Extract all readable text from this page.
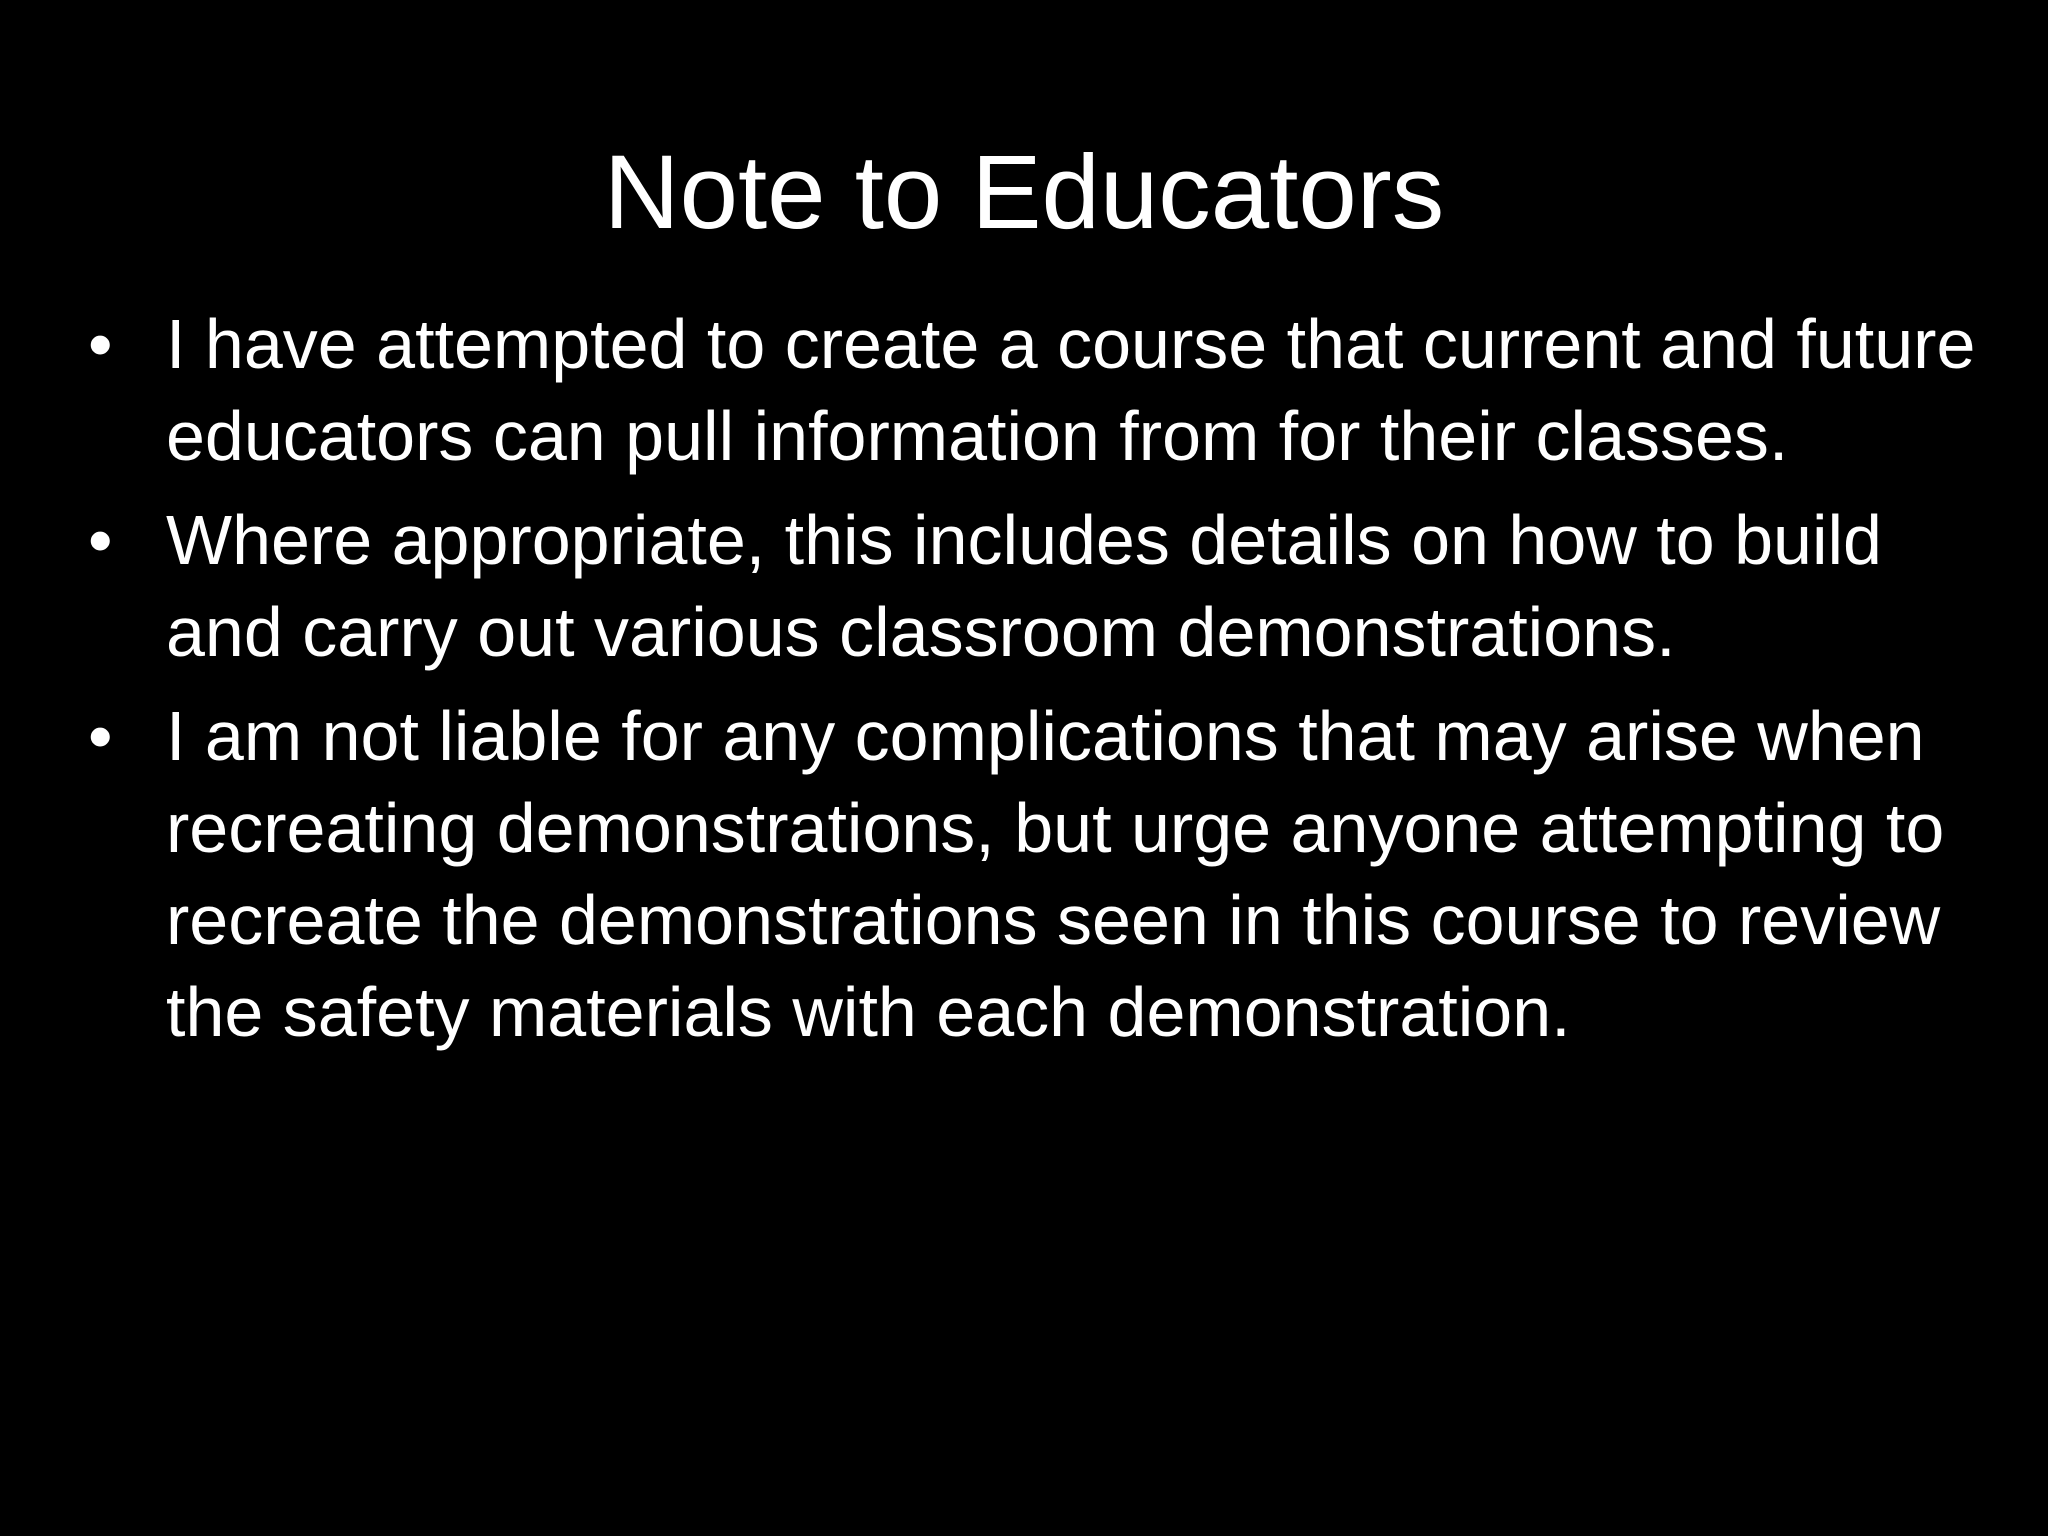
Note to Educators
• I have attempted to create a course that current and future educators can pull information from for their classes.
• Where appropriate, this includes details on how to build and carry out various classroom demonstrations.
• I am not liable for any complications that may arise when recreating demonstrations, but urge anyone attempting to recreate the demonstrations seen in this course to review the safety materials with each demonstration.
